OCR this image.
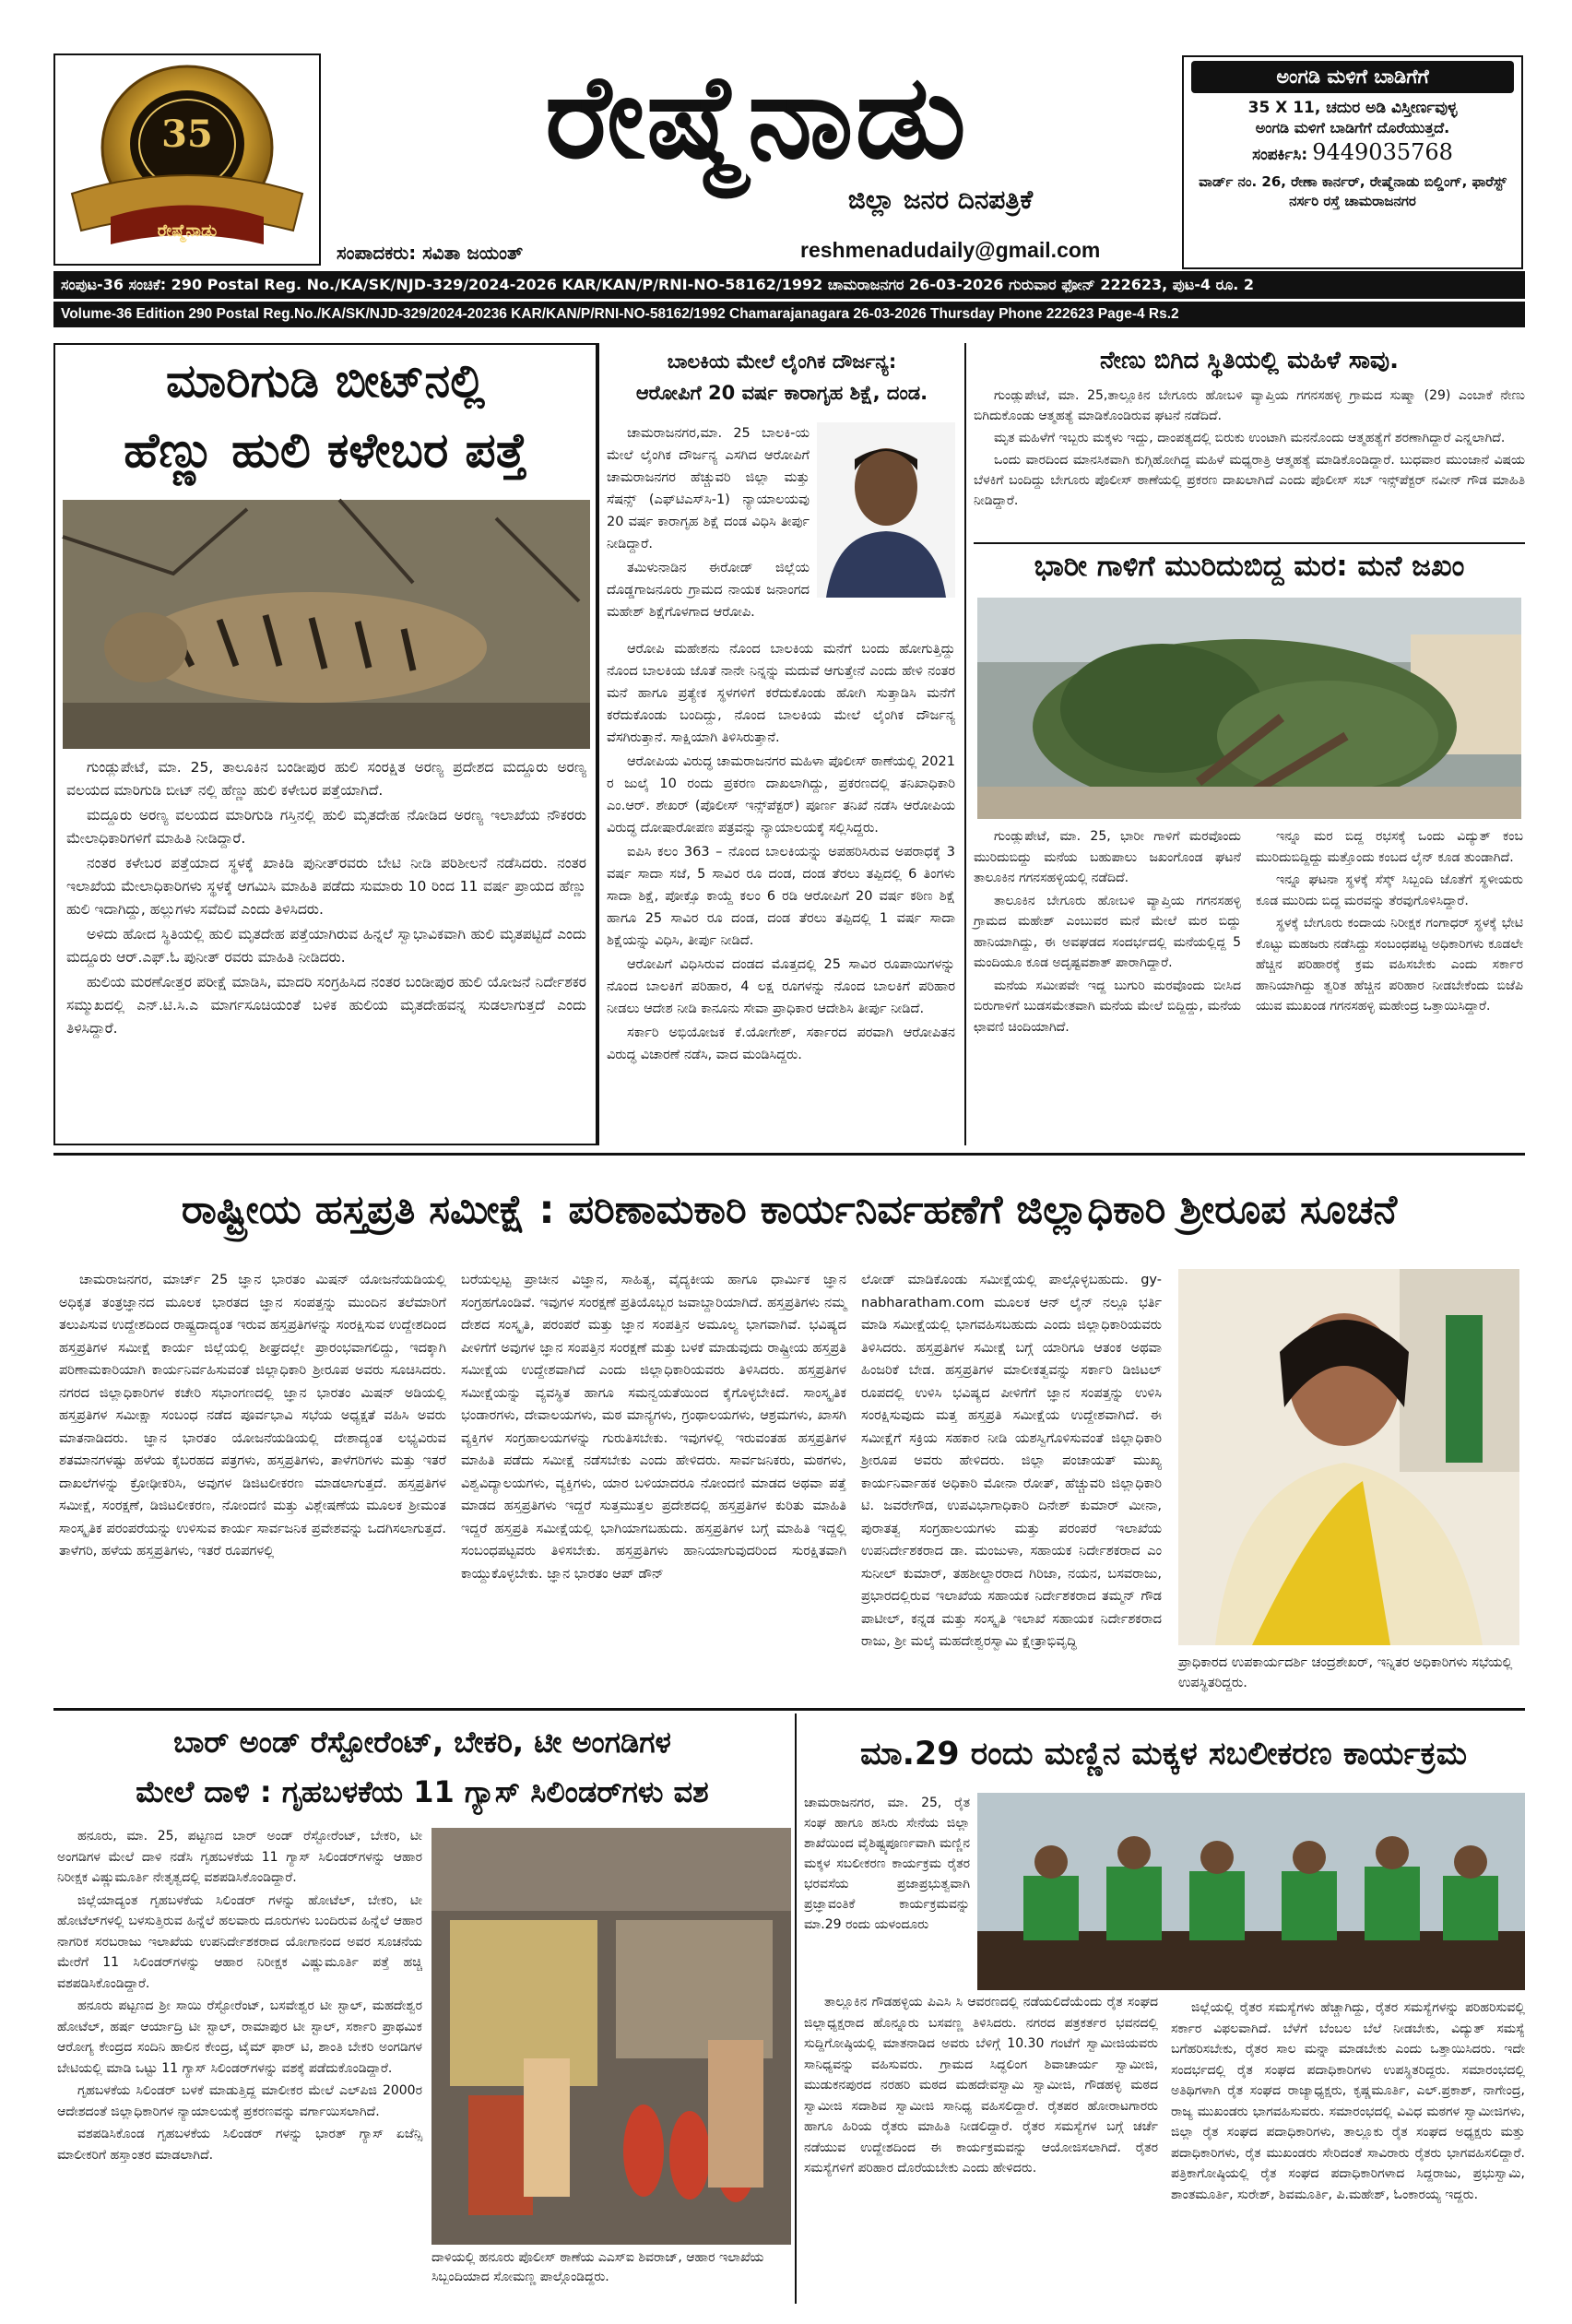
35
ರೇಷ್ಮೆನಾಡು
ರೇಷ್ಮೆನಾಡು
ಜಿಲ್ಲಾ ಜನರ ದಿನಪತ್ರಿಕೆ
ಸಂಪಾದಕರು: ಸವಿತಾ ಜಯಂತ್	reshmenadudaily@gmail.com
ಅಂಗಡಿ ಮಳಿಗೆ ಬಾಡಿಗೆಗೆ
35 X 11, ಚದುರ ಅಡಿ ವಿಸ್ತೀರ್ಣವುಳ್ಳ
ಅಂಗಡಿ ಮಳಿಗೆ ಬಾಡಿಗೆಗೆ ದೊರೆಯುತ್ತದೆ.
ಸಂಪರ್ಕಿಸಿ: 9449035768
ವಾರ್ಡ್ ನಂ. 26, ರೇಣಾ ಕಾರ್ನರ್, ರೇಷ್ಮೆನಾಡು ಬಿಲ್ಡಿಂಗ್, ಫಾರೆಸ್ಟ್ ನರ್ಸರಿ ರಸ್ತೆ ಚಾಮರಾಜನಗರ
ಸಂಪುಟ-36 ಸಂಚಿಕೆ: 290 Postal Reg. No./KA/SK/NJD-329/2024-2026 KAR/KAN/P/RNI-NO-58162/1992 ಚಾಮರಾಜನಗರ 26-03-2026 ಗುರುವಾರ ಫೋನ್ 222623, ಪುಟ-4 ರೂ. 2
Volume-36 Edition 290 Postal Reg.No./KA/SK/NJD-329/2024-20236 KAR/KAN/P/RNI-NO-58162/1992 Chamarajanagara 26-03-2026 Thursday Phone 222623 Page-4 Rs.2
ಮಾರಿಗುಡಿ ಬೀಟ್‌ನಲ್ಲಿ
ಹೆಣ್ಣು ಹುಲಿ ಕಳೇಬರ ಪತ್ತೆ

ಗುಂಡ್ಲುಪೇಟೆ, ಮಾ. 25, ತಾಲೂಕಿನ ಬಂಡೀಪುರ ಹುಲಿ ಸಂರಕ್ಷಿತ ಅರಣ್ಯ ಪ್ರದೇಶದ ಮದ್ದೂರು ಅರಣ್ಯ ವಲಯದ ಮಾರಿಗುಡಿ ಬೀಟ್ ನಲ್ಲಿ ಹೆಣ್ಣು ಹುಲಿ ಕಳೇಬರ ಪತ್ತೆಯಾಗಿದೆ.

ಮದ್ದೂರು ಅರಣ್ಯ ವಲಯದ ಮಾರಿಗುಡಿ ಗಸ್ತಿನಲ್ಲಿ ಹುಲಿ ಮೃತದೇಹ ನೋಡಿದ ಅರಣ್ಯ ಇಲಾಖೆಯ ನೌಕರರು ಮೇಲಾಧಿಕಾರಿಗಳಿಗೆ ಮಾಹಿತಿ ನೀಡಿದ್ದಾರೆ.

ನಂತರ ಕಳೇಬರ ಪತ್ತೆಯಾದ ಸ್ಥಳಕ್ಕೆ ಖಾಕಿಡಿ ಪುನೀತ್‌ರವರು ಬೇಟಿ ನೀಡಿ ಪರಿಶೀಲನೆ ನಡೆಸಿದರು. ನಂತರ ಇಲಾಖೆಯ ಮೇಲಾಧಿಕಾರಿಗಳು ಸ್ಥಳಕ್ಕೆ ಆಗಮಿಸಿ ಮಾಹಿತಿ ಪಡೆದು ಸುಮಾರು 10 ರಿಂದ 11 ವರ್ಷ ಪ್ರಾಯದ ಹೆಣ್ಣು ಹುಲಿ ಇದಾಗಿದ್ದು, ಹಲ್ಲುಗಳು ಸವೆದಿವೆ ಎಂದು ತಿಳಿಸಿದರು.

ಅಳಿದು ಹೋದ ಸ್ಥಿತಿಯಲ್ಲಿ ಹುಲಿ ಮೃತದೇಹ ಪತ್ತೆಯಾಗಿರುವ ಹಿನ್ನಲೆ ಸ್ವಾಭಾವಿಕವಾಗಿ ಹುಲಿ ಮೃತಪಟ್ಟಿದೆ ಎಂದು ಮದ್ದೂರು ಆರ್.ಎಫ್.ಓ ಪುನೀತ್ ರವರು ಮಾಹಿತಿ ನೀಡಿದರು.

ಹುಲಿಯ ಮರಣೋತ್ತರ ಪರೀಕ್ಷೆ ಮಾಡಿಸಿ, ಮಾದರಿ ಸಂಗ್ರಹಿಸಿದ ನಂತರ ಬಂಡೀಪುರ ಹುಲಿ ಯೋಜನೆ ನಿರ್ದೇಶಕರ ಸಮ್ಮುಖದಲ್ಲಿ ಎನ್.ಟಿ.ಸಿ.ಎ ಮಾರ್ಗಸೂಚಿಯಂತೆ ಬಳಿಕ ಹುಲಿಯ ಮೃತದೇಹವನ್ನ ಸುಡಲಾಗುತ್ತದೆ ಎಂದು ತಿಳಿಸಿದ್ದಾರೆ.

ಬಾಲಕಿಯ ಮೇಲೆ ಲೈಂಗಿಕ ದೌರ್ಜನ್ಯ:
ಆರೋಪಿಗೆ 20 ವರ್ಷ ಕಾರಾಗೃಹ ಶಿಕ್ಷೆ, ದಂಡ.

ಚಾಮರಾಜನಗರ,ಮಾ. 25 ಬಾಲಕಿ-ಯ ಮೇಲೆ ಲೈಂಗಿಕ ದೌರ್ಜನ್ಯ ಎಸಗಿದ ಆರೋಪಿಗೆ ಚಾಮರಾಜನಗರ ಹೆಚ್ಚುವರಿ ಜಿಲ್ಲಾ ಮತ್ತು ಸೆಷನ್ಸ್ (ಎಫ್‌ಟಿಎಸ್‌ಸಿ-1) ನ್ಯಾಯಾಲಯವು 20 ವರ್ಷ ಕಾರಾಗೃಹ ಶಿಕ್ಷೆ ದಂಡ ವಿಧಿಸಿ ತೀರ್ಪು ನೀಡಿದ್ದಾರೆ.

ತಮಿಳುನಾಡಿನ ಈರೋಡ್ ಜಿಲ್ಲೆಯ ದೊಡ್ಡಗಾಜನೂರು ಗ್ರಾಮದ ನಾಯಕ ಜನಾಂಗದ ಮಹೇಶ್ ಶಿಕ್ಷೆಗೊಳಗಾದ ಆರೋಪಿ.

ಆರೋಪಿ ಮಹೇಶನು ನೊಂದ ಬಾಲಕಿಯ ಮನೆಗೆ ಬಂದು ಹೋಗುತ್ತಿದ್ದು ನೊಂದ ಬಾಲಕಿಯ ಜೊತೆ ನಾನೇ ನಿನ್ನನ್ನು ಮದುವೆ ಆಗುತ್ತೇನೆ ಎಂದು ಹೇಳಿ ನಂತರ ಮನೆ ಹಾಗೂ ಪ್ರತ್ಯೇಕ ಸ್ಥಳಗಳಿಗೆ ಕರೆದುಕೊಂಡು ಹೋಗಿ ಸುತ್ತಾಡಿಸಿ ಮನೆಗೆ ಕರೆದುಕೊಂಡು ಬಂದಿದ್ದು, ನೊಂದ ಬಾಲಕಿಯ ಮೇಲೆ ಲೈಂಗಿಕ ದೌರ್ಜನ್ಯ ವೆಸಗಿರುತ್ತಾನೆ. ಸಾಕ್ಷಿಯಾಗಿ ತಿಳಿಸಿರುತ್ತಾನೆ.

ಆರೋಪಿಯ ವಿರುದ್ಧ ಚಾಮರಾಜನಗರ ಮಹಿಳಾ ಪೊಲೀಸ್ ಠಾಣೆಯಲ್ಲಿ 2021 ರ ಜುಲೈ 10 ರಂದು ಪ್ರಕರಣ ದಾಖಲಾಗಿದ್ದು, ಪ್ರಕರಣದಲ್ಲಿ ತನಿಖಾಧಿಕಾರಿ ಎಂ.ಆರ್. ಶೇಖರ್ (ಪೊಲೀಸ್ ಇನ್ಸ್‌ಪೆಕ್ಟರ್) ಪೂರ್ಣ ತನಿಖೆ ನಡೆಸಿ ಆರೋಪಿಯ ವಿರುದ್ಧ ದೋಷಾರೋಪಣ ಪತ್ರವನ್ನು ನ್ಯಾಯಾಲಯಕ್ಕೆ ಸಲ್ಲಿಸಿದ್ದರು.

ಐಪಿಸಿ ಕಲಂ 363 – ನೊಂದ ಬಾಲಕಿಯನ್ನು ಅಪಹರಿಸಿರುವ ಅಪರಾಧಕ್ಕೆ 3 ವರ್ಷ ಸಾದಾ ಸಜೆ, 5 ಸಾವಿರ ರೂ ದಂಡ, ದಂಡ ತೆರಲು ತಪ್ಪಿದಲ್ಲಿ 6 ತಿಂಗಳು ಸಾದಾ ಶಿಕ್ಷೆ, ಪೋಕ್ಸೊ ಕಾಯ್ದೆ ಕಲಂ 6 ರಡಿ ಆರೋಪಿಗೆ 20 ವರ್ಷ ಕಠಿಣ ಶಿಕ್ಷೆ ಹಾಗೂ 25 ಸಾವಿರ ರೂ ದಂಡ, ದಂಡ ತೆರಲು ತಪ್ಪಿದಲ್ಲಿ 1 ವರ್ಷ ಸಾದಾ ಶಿಕ್ಷೆಯನ್ನು ವಿಧಿಸಿ, ತೀರ್ಪು ನೀಡಿದೆ.

ಆರೋಪಿಗೆ ವಿಧಿಸಿರುವ ದಂಡದ ಮೊತ್ತದಲ್ಲಿ 25 ಸಾವಿರ ರೂಪಾಯಿಗಳನ್ನು ನೊಂದ ಬಾಲಕಿಗೆ ಪರಿಹಾರ, 4 ಲಕ್ಷ ರೂಗಳನ್ನು ನೊಂದ ಬಾಲಕಿಗೆ ಪರಿಹಾರ ನೀಡಲು ಆದೇಶ ನೀಡಿ ಕಾನೂನು ಸೇವಾ ಪ್ರಾಧಿಕಾರ ಆದೇಶಿಸಿ ತೀರ್ಪು ನೀಡಿದೆ.

ಸರ್ಕಾರಿ ಅಭಿಯೋಜಕ ಕೆ.ಯೋಗೇಶ್, ಸರ್ಕಾರದ ಪರವಾಗಿ ಆರೋಪಿತನ ವಿರುದ್ಧ ವಿಚಾರಣೆ ನಡೆಸಿ, ವಾದ ಮಂಡಿಸಿದ್ದರು.

ನೇಣು ಬಿಗಿದ ಸ್ಥಿತಿಯಲ್ಲಿ ಮಹಿಳೆ ಸಾವು.

ಗುಂಡ್ಲುಪೇಟೆ, ಮಾ. 25,ತಾಲ್ಲೂಕಿನ ಬೇಗೂರು ಹೋಬಳಿ ವ್ಯಾಪ್ತಿಯ ಗಗನಸಹಳ್ಳಿ ಗ್ರಾಮದ ಸುಷ್ಮಾ (29) ಎಂಬಾಕೆ ನೇಣು ಬಿಗಿದುಕೊಂಡು ಆತ್ಮಹತ್ಯೆ ಮಾಡಿಕೊಂಡಿರುವ ಘಟನೆ ನಡೆದಿದೆ.

ಮೃತ ಮಹಿಳೆಗೆ ಇಬ್ಬರು ಮಕ್ಕಳು ಇದ್ದು, ದಾಂಪತ್ಯದಲ್ಲಿ ಬಿರುಕು ಉಂಟಾಗಿ ಮನನೊಂದು ಆತ್ಮಹತ್ಯೆಗೆ ಶರಣಾಗಿದ್ದಾರೆ ಎನ್ನಲಾಗಿದೆ.

ಒಂದು ವಾರದಿಂದ ಮಾನಸಿಕವಾಗಿ ಕುಗ್ಗಿಹೋಗಿದ್ದ ಮಹಿಳೆ ಮಧ್ಯರಾತ್ರಿ ಆತ್ಮಹತ್ಯೆ ಮಾಡಿಕೊಂಡಿದ್ದಾರೆ. ಬುಧವಾರ ಮುಂಜಾನೆ ವಿಷಯ ಬೆಳಕಿಗೆ ಬಂದಿದ್ದು ಬೇಗೂರು ಪೊಲೀಸ್ ಠಾಣೆಯಲ್ಲಿ ಪ್ರಕರಣ ದಾಖಲಾಗಿದೆ ಎಂದು ಪೊಲೀಸ್ ಸಬ್ ಇನ್ಸ್‌ಪೆಕ್ಟರ್ ನವೀನ್ ಗೌಡ ಮಾಹಿತಿ ನೀಡಿದ್ದಾರೆ.

ಭಾರೀ ಗಾಳಿಗೆ ಮುರಿದುಬಿದ್ದ ಮರ: ಮನೆ ಜಖಂ

ಗುಂಡ್ಲುಪೇಟೆ, ಮಾ. 25, ಭಾರೀ ಗಾಳಿಗೆ ಮರವೊಂದು ಮುರಿದುಬಿದ್ದು ಮನೆಯ ಬಹುಪಾಲು ಜಖಂಗೊಂಡ ಘಟನೆ ತಾಲೂಕಿನ ಗಗನಸಹಳ್ಳಿಯಲ್ಲಿ ನಡೆದಿದೆ.

ತಾಲೂಕಿನ ಬೇಗೂರು ಹೋಬಳಿ ವ್ಯಾಪ್ತಿಯ ಗಗನಸಹಳ್ಳಿ ಗ್ರಾಮದ ಮಹೇಶ್ ಎಂಬುವರ ಮನೆ ಮೇಲೆ ಮರ ಬಿದ್ದು ಹಾನಿಯಾಗಿದ್ದು, ಈ ಅವಘಡದ ಸಂದರ್ಭದಲ್ಲಿ ಮನೆಯಲ್ಲಿದ್ದ 5 ಮಂದಿಯೂ ಕೂಡ ಅದೃಷ್ಟವಶಾತ್ ಪಾರಾಗಿದ್ದಾರೆ.

ಮನೆಯ ಸಮೀಪವೇ ಇದ್ದ ಬುಗುರಿ ಮರವೊಂದು ಬೀಸಿದ ಬಿರುಗಾಳಿಗೆ ಬುಡಸಮೇತವಾಗಿ ಮನೆಯ ಮೇಲೆ ಬಿದ್ದಿದ್ದು, ಮನೆಯ ಛಾವಣಿ ಚಿಂದಿಯಾಗಿದೆ.

ಇನ್ನೂ ಮರ ಬಿದ್ದ ರಭಸಕ್ಕೆ ಒಂದು ವಿದ್ಯುತ್ ಕಂಬ ಮುರಿದುಬಿದ್ದಿದ್ದು ಮತ್ತೊಂದು ಕಂಬದ ಲೈನ್ ಕೂಡ ತುಂಡಾಗಿದೆ.

ಇನ್ನೂ ಘಟನಾ ಸ್ಥಳಕ್ಕೆ ಸೆಸ್ಕ್ ಸಿಬ್ಬಂದಿ ಜೊತೆಗೆ ಸ್ಥಳೀಯರು ಕೂಡ ಮುರಿದು ಬಿದ್ದ ಮರವನ್ನು ತೆರವುಗೊಳಿಸಿದ್ದಾರೆ.

ಸ್ಥಳಕ್ಕೆ ಬೇಗೂರು ಕಂದಾಯ ನಿರೀಕ್ಷಕ ಗಂಗಾಧರ್ ಸ್ಥಳಕ್ಕೆ ಭೇಟಿ ಕೊಟ್ಟು ಮಹಜರು ನಡೆಸಿದ್ದು ಸಂಬಂಧಪಟ್ಟ ಅಧಿಕಾರಿಗಳು ಕೂಡಲೇ ಹೆಚ್ಚಿನ ಪರಿಹಾರಕ್ಕೆ ಕ್ರಮ ವಹಿಸಬೇಕು ಎಂದು ಸರ್ಕಾರ ಹಾನಿಯಾಗಿದ್ದು ತ್ವರಿತ ಹೆಚ್ಚಿನ ಪರಿಹಾರ ನೀಡಬೇಕೆಂದು ಬಿಜೆಪಿ ಯುವ ಮುಖಂಡ ಗಗನಸಹಳ್ಳಿ ಮಹೇಂದ್ರ ಒತ್ತಾಯಿಸಿದ್ದಾರೆ.

ರಾಷ್ಟ್ರೀಯ ಹಸ್ತಪ್ರತಿ ಸಮೀಕ್ಷೆ : ಪರಿಣಾಮಕಾರಿ ಕಾರ್ಯನಿರ್ವಹಣೆಗೆ ಜಿಲ್ಲಾಧಿಕಾರಿ ಶ್ರೀರೂಪ ಸೂಚನೆ

ಚಾಮರಾಜನಗರ, ಮಾರ್ಚ್ 25 ಜ್ಞಾನ ಭಾರತಂ ಮಿಷನ್ ಯೋಜನೆಯಡಿಯಲ್ಲಿ ಅಧಿಕೃತ ತಂತ್ರಜ್ಞಾನದ ಮೂಲಕ ಭಾರತದ ಜ್ಞಾನ ಸಂಪತ್ತನ್ನು ಮುಂದಿನ ತಲೆಮಾರಿಗೆ ತಲುಪಿಸುವ ಉದ್ದೇಶದಿಂದ ರಾಷ್ಟ್ರದಾದ್ಯಂತ ಇರುವ ಹಸ್ತಪ್ರತಿಗಳನ್ನು ಸಂರಕ್ಷಿಸುವ ಉದ್ದೇಶದಿಂದ ಹಸ್ತಪ್ರತಿಗಳ ಸಮೀಕ್ಷೆ ಕಾರ್ಯ ಜಿಲ್ಲೆಯಲ್ಲಿ ಶೀಘ್ರದಲ್ಲೇ ಪ್ರಾರಂಭವಾಗಲಿದ್ದು, ಇದಕ್ಕಾಗಿ ಪರಿಣಾಮಕಾರಿಯಾಗಿ ಕಾರ್ಯನಿರ್ವಹಿಸುವಂತೆ ಜಿಲ್ಲಾಧಿಕಾರಿ ಶ್ರೀರೂಪ ಅವರು ಸೂಚಿಸಿದರು. ನಗರದ ಜಿಲ್ಲಾಧಿಕಾರಿಗಳ ಕಚೇರಿ ಸಭಾಂಗಣದಲ್ಲಿ ಜ್ಞಾನ ಭಾರತಂ ಮಿಷನ್ ಅಡಿಯಲ್ಲಿ ಹಸ್ತಪ್ರತಿಗಳ ಸಮೀಕ್ಷಾ ಸಂಬಂಧ ನಡೆದ ಪೂರ್ವಭಾವಿ ಸಭೆಯ ಅಧ್ಯಕ್ಷತೆ ವಹಿಸಿ ಅವರು ಮಾತನಾಡಿದರು. ಜ್ಞಾನ ಭಾರತಂ ಯೋಜನೆಯಡಿಯಲ್ಲಿ ದೇಶಾದ್ಯಂತ ಲಭ್ಯವಿರುವ ಶತಮಾನಗಳಷ್ಟು ಹಳೆಯ ಕೈಬರಹದ ಪತ್ರಗಳು, ಹಸ್ತಪ್ರತಿಗಳು, ತಾಳೆಗರಿಗಳು ಮತ್ತು ಇತರೆ ದಾಖಲೆಗಳನ್ನು ಕ್ರೋಢೀಕರಿಸಿ, ಅವುಗಳ ಡಿಜಿಟಲೀಕರಣ ಮಾಡಲಾಗುತ್ತದೆ. ಹಸ್ತಪ್ರತಿಗಳ ಸಮೀಕ್ಷೆ, ಸಂರಕ್ಷಣೆ, ಡಿಜಿಟಲೀಕರಣ, ನೋಂದಣಿ ಮತ್ತು ವಿಶ್ಲೇಷಣೆಯ ಮೂಲಕ ಶ್ರೀಮಂತ ಸಾಂಸ್ಕೃತಿಕ ಪರಂಪರೆಯನ್ನು ಉಳಿಸುವ ಕಾರ್ಯ ಸಾರ್ವಜನಿಕ ಪ್ರವೇಶವನ್ನು ಒದಗಿಸಲಾಗುತ್ತದೆ. ತಾಳೆಗರಿ, ಹಳೆಯ ಹಸ್ತಪ್ರತಿಗಳು, ಇತರೆ ರೂಪಗಳಲ್ಲಿ

ಬರೆಯಲ್ಪಟ್ಟ ಪ್ರಾಚೀನ ವಿಜ್ಞಾನ, ಸಾಹಿತ್ಯ, ವೈದ್ಯಕೀಯ ಹಾಗೂ ಧಾರ್ಮಿಕ ಜ್ಞಾನ ಸಂಗ್ರಹಗೊಂಡಿವೆ. ಇವುಗಳ ಸಂರಕ್ಷಣೆ ಪ್ರತಿಯೊಬ್ಬರ ಜವಾಬ್ದಾರಿಯಾಗಿದೆ. ಹಸ್ತಪ್ರತಿಗಳು ನಮ್ಮ ದೇಶದ ಸಂಸ್ಕೃತಿ, ಪರಂಪರೆ ಮತ್ತು ಜ್ಞಾನ ಸಂಪತ್ತಿನ ಅಮೂಲ್ಯ ಭಾಗವಾಗಿವೆ. ಭವಿಷ್ಯದ ಪೀಳಿಗೆಗೆ ಅವುಗಳ ಜ್ಞಾನ ಸಂಪತ್ತಿನ ಸಂರಕ್ಷಣೆ ಮತ್ತು ಬಳಕೆ ಮಾಡುವುದು ರಾಷ್ಟ್ರೀಯ ಹಸ್ತಪ್ರತಿ ಸಮೀಕ್ಷೆಯ ಉದ್ದೇಶವಾಗಿದೆ ಎಂದು ಜಿಲ್ಲಾಧಿಕಾರಿಯವರು ತಿಳಿಸಿದರು. ಹಸ್ತಪ್ರತಿಗಳ ಸಮೀಕ್ಷೆಯನ್ನು ವ್ಯವಸ್ಥಿತ ಹಾಗೂ ಸಮನ್ವಯತೆಯಿಂದ ಕೈಗೊಳ್ಳಬೇಕಿದೆ. ಸಾಂಸ್ಕೃತಿಕ ಭಂಡಾರಗಳು, ದೇವಾಲಯಗಳು, ಮಠ ಮಾನ್ಯಗಳು, ಗ್ರಂಥಾಲಯಗಳು, ಆಶ್ರಮಗಳು, ಖಾಸಗಿ ವ್ಯಕ್ತಿಗಳ ಸಂಗ್ರಹಾಲಯಗಳನ್ನು ಗುರುತಿಸಬೇಕು. ಇವುಗಳಲ್ಲಿ ಇರುವಂತಹ ಹಸ್ತಪ್ರತಿಗಳ ಮಾಹಿತಿ ಪಡೆದು ಸಮೀಕ್ಷೆ ನಡೆಸಬೇಕು ಎಂದು ಹೇಳಿದರು. ಸಾರ್ವಜನಿಕರು, ಮಠಗಳು, ವಿಶ್ವವಿದ್ಯಾಲಯಗಳು, ವ್ಯಕ್ತಿಗಳು, ಯಾರ ಬಳಿಯಾದರೂ ನೋಂದಣಿ ಮಾಡದ ಅಥವಾ ಪತ್ತೆ ಮಾಡದ ಹಸ್ತಪ್ರತಿಗಳು ಇದ್ದರೆ ಸುತ್ತಮುತ್ತಲ ಪ್ರದೇಶದಲ್ಲಿ ಹಸ್ತಪ್ರತಿಗಳ ಕುರಿತು ಮಾಹಿತಿ ಇದ್ದರೆ ಹಸ್ತಪ್ರತಿ ಸಮೀಕ್ಷೆಯಲ್ಲಿ ಭಾಗಿಯಾಗಬಹುದು. ಹಸ್ತಪ್ರತಿಗಳ ಬಗ್ಗೆ ಮಾಹಿತಿ ಇದ್ದಲ್ಲಿ ಸಂಬಂಧಪಟ್ಟವರು ತಿಳಿಸಬೇಕು. ಹಸ್ತಪ್ರತಿಗಳು ಹಾನಿಯಾಗುವುದರಿಂದ ಸುರಕ್ಷಿತವಾಗಿ ಕಾಯ್ದುಕೊಳ್ಳಬೇಕು. ಜ್ಞಾನ ಭಾರತಂ ಆಪ್ ಡೌನ್

ಲೋಡ್ ಮಾಡಿಕೊಂಡು ಸಮೀಕ್ಷೆಯಲ್ಲಿ ಪಾಲ್ಗೊಳ್ಳಬಹುದು. gy-nabharatham.com ಮೂಲಕ ಆನ್ ಲೈನ್ ನಲ್ಲೂ ಭರ್ತಿ ಮಾಡಿ ಸಮೀಕ್ಷೆಯಲ್ಲಿ ಭಾಗವಹಿಸಬಹುದು ಎಂದು ಜಿಲ್ಲಾಧಿಕಾರಿಯವರು ತಿಳಿಸಿದರು. ಹಸ್ತಪ್ರತಿಗಳ ಸಮೀಕ್ಷೆ ಬಗ್ಗೆ ಯಾರಿಗೂ ಆತಂಕ ಅಥವಾ ಹಿಂಜರಿಕೆ ಬೇಡ. ಹಸ್ತಪ್ರತಿಗಳ ಮಾಲೀಕತ್ವವನ್ನು ಸರ್ಕಾರಿ ಡಿಜಿಟಲ್ ರೂಪದಲ್ಲಿ ಉಳಿಸಿ ಭವಿಷ್ಯದ ಪೀಳಿಗೆಗೆ ಜ್ಞಾನ ಸಂಪತ್ತನ್ನು ಉಳಿಸಿ ಸಂರಕ್ಷಿಸುವುದು ಮತ್ತ ಹಸ್ತಪ್ರತಿ ಸಮೀಕ್ಷೆಯ ಉದ್ದೇಶವಾಗಿದೆ. ಈ ಸಮೀಕ್ಷೆಗೆ ಸಕ್ರಿಯ ಸಹಕಾರ ನೀಡಿ ಯಶಸ್ವಿಗೊಳಿಸುವಂತೆ ಜಿಲ್ಲಾಧಿಕಾರಿ ಶ್ರೀರೂಪ ಅವರು ಹೇಳಿದರು. ಜಿಲ್ಲಾ ಪಂಚಾಯತ್ ಮುಖ್ಯ ಕಾರ್ಯನಿರ್ವಾಹಕ ಅಧಿಕಾರಿ ಮೋನಾ ರೋತ್, ಹೆಚ್ಚುವರಿ ಜಿಲ್ಲಾಧಿಕಾರಿ ಟಿ. ಜವರೇಗೌಡ, ಉಪವಿಭಾಗಾಧಿಕಾರಿ ದಿನೇಶ್ ಕುಮಾರ್ ಮೀನಾ, ಪುರಾತತ್ವ ಸಂಗ್ರಹಾಲಯಗಳು ಮತ್ತು ಪರಂಪರೆ ಇಲಾಖೆಯ ಉಪನಿರ್ದೇಶಕರಾದ ಡಾ. ಮಂಜುಳಾ, ಸಹಾಯಕ ನಿರ್ದೇಶಕರಾದ ಎಂ ಸುನೀಲ್ ಕುಮಾರ್, ತಹಶೀಲ್ದಾರರಾದ ಗಿರಿಜಾ, ನಯನ, ಬಸವರಾಜು, ಪ್ರಭಾರದಲ್ಲಿರುವ ಇಲಾಖೆಯ ಸಹಾಯಕ ನಿರ್ದೇಶಕರಾದ ತಮ್ಮನ್ ಗೌಡ ಪಾಟೀಲ್, ಕನ್ನಡ ಮತ್ತು ಸಂಸ್ಕೃತಿ ಇಲಾಖೆ ಸಹಾಯಕ ನಿರ್ದೇಶಕರಾದ ರಾಜು, ಶ್ರೀ ಮಲೈ ಮಹದೇಶ್ವರಸ್ವಾಮಿ ಕ್ಷೇತ್ರಾಭಿವೃದ್ಧಿ

ಪ್ರಾಧಿಕಾರದ ಉಪಕಾರ್ಯದರ್ಶಿ ಚಂದ್ರಶೇಖರ್, ಇನ್ನಿತರ ಅಧಿಕಾರಿಗಳು ಸಭೆಯಲ್ಲಿ ಉಪಸ್ಥಿತರಿದ್ದರು.
ಬಾರ್ ಅಂಡ್ ರೆಸ್ಟೋರೆಂಟ್, ಬೇಕರಿ, ಟೀ ಅಂಗಡಿಗಳ
ಮೇಲೆ ದಾಳಿ : ಗೃಹಬಳಕೆಯ 11 ಗ್ಯಾಸ್ ಸಿಲಿಂಡರ್‌ಗಳು ವಶ

ಹನೂರು, ಮಾ. 25, ಪಟ್ಟಣದ ಬಾರ್ ಅಂಡ್ ರೆಸ್ಟೋರೆಂಟ್, ಬೇಕರಿ, ಟೀ ಅಂಗಡಿಗಳ ಮೇಲೆ ದಾಳಿ ನಡೆಸಿ ಗೃಹಬಳಕೆಯ 11 ಗ್ಯಾಸ್ ಸಿಲಿಂಡರ್‌ಗಳನ್ನು ಆಹಾರ ನಿರೀಕ್ಷಕ ವಿಷ್ಣುಮೂರ್ತಿ ನೇತೃತ್ವದಲ್ಲಿ ವಶಪಡಿಸಿಕೊಂಡಿದ್ದಾರೆ.

ಜಿಲ್ಲೆಯಾದ್ಯಂತ ಗೃಹಬಳಕೆಯ ಸಿಲಿಂಡರ್ ಗಳನ್ನು ಹೋಟೆಲ್, ಬೇಕರಿ, ಟೀ ಹೋಟೆಲ್‌ಗಳಲ್ಲಿ ಬಳಸುತ್ತಿರುವ ಹಿನ್ನೆಲೆ ಹಲವಾರು ದೂರುಗಳು ಬಂದಿರುವ ಹಿನ್ನೆಲೆ ಆಹಾರ ನಾಗರಿಕ ಸರಬರಾಜು ಇಲಾಖೆಯ ಉಪನಿರ್ದೇಶಕರಾದ ಯೋಗಾನಂದ ಅವರ ಸೂಚನೆಯ ಮೇರೆಗೆ 11 ಸಿಲಿಂಡರ್‌ಗಳನ್ನು ಆಹಾರ ನಿರೀಕ್ಷಕ ವಿಷ್ಣುಮೂರ್ತಿ ಪತ್ತೆ ಹಚ್ಚಿ ವಶಪಡಿಸಿಕೊಂಡಿದ್ದಾರೆ.

ಹನೂರು ಪಟ್ಟಣದ ಶ್ರೀ ಸಾಯಿ ರೆಸ್ಟೋರೆಂಟ್, ಬಸವೇಶ್ವರ ಟೀ ಸ್ಟಾಲ್, ಮಹದೇಶ್ವರ ಹೋಟೆಲ್, ಹರ್ಷ ಆರ್ಯಾದ್ರಿ ಟೀ ಸ್ಟಾಲ್, ರಾಮಾಪುರ ಟೀ ಸ್ಟಾಲ್, ಸರ್ಕಾರಿ ಪ್ರಾಥಮಿಕ ಆರೋಗ್ಯ ಕೇಂದ್ರದ ಸಂದಿನಿ ಹಾಲಿನ ಕೇಂದ್ರ, ಟೈಮ್ ಫಾರ್ ಟಿ, ಶಾಂತಿ ಬೇಕರಿ ಅಂಗಡಿಗಳ ಬೇಟಿಯಲ್ಲಿ ಮಾಡಿ ಒಟ್ಟು 11 ಗ್ಯಾಸ್ ಸಿಲಿಂಡರ್‌ಗಳನ್ನು ವಶಕ್ಕೆ ಪಡೆದುಕೊಂಡಿದ್ದಾರೆ.

ಗೃಹಬಳಕೆಯ ಸಿಲಿಂಡರ್ ಬಳಕೆ ಮಾಡುತ್ತಿದ್ದ ಮಾಲೀಕರ ಮೇಲೆ ಎಲ್‌ಪಿಜಿ 2000ರ ಆದೇಶದಂತೆ ಜಿಲ್ಲಾಧಿಕಾರಿಗಳ ನ್ಯಾಯಾಲಯಕ್ಕೆ ಪ್ರಕರಣವನ್ನು ವರ್ಗಾಯಿಸಲಾಗಿದೆ.

ವಶಪಡಿಸಿಕೊಂಡ ಗೃಹಬಳಕೆಯ ಸಿಲಿಂಡರ್ ಗಳನ್ನು ಭಾರತ್ ಗ್ಯಾಸ್ ಏಜೆನ್ಸಿ ಮಾಲೀಕರಿಗೆ ಹಸ್ತಾಂತರ ಮಾಡಲಾಗಿದೆ.

ದಾಳಿಯಲ್ಲಿ ಹನೂರು ಪೊಲೀಸ್ ಠಾಣೆಯ ಎಎಸ್ಐ ಶಿವರಾಜ್, ಆಹಾರ ಇಲಾಖೆಯ ಸಿಬ್ಬಂದಿಯಾದ ಸೋಮಣ್ಣ ಪಾಲ್ಗೊಂಡಿದ್ದರು.
ಮಾ.29 ರಂದು ಮಣ್ಣಿನ ಮಕ್ಕಳ ಸಬಲೀಕರಣ ಕಾರ್ಯಕ್ರಮ

ಚಾಮರಾಜನಗರ, ಮಾ. 25, ರೈತ ಸಂಘ ಹಾಗೂ ಹಸಿರು ಸೇನೆಯ ಜಿಲ್ಲಾ ಶಾಖೆಯಿಂದ ವೈಶಿಷ್ಟ್ಯಪೂರ್ಣವಾಗಿ ಮಣ್ಣಿನ ಮಕ್ಕಳ ಸಬಲೀಕರಣ ಕಾರ್ಯಕ್ರಮ ರೈತರ ಭರವಸೆಯ ಪ್ರಜಾಪ್ರಭುತ್ವವಾಗಿ ಪ್ರಜ್ಞಾವಂತಿಕೆ ಕಾರ್ಯಕ್ರಮವನ್ನು ಮಾ.29 ರಂದು ಯಳಂದೂರು

ತಾಲ್ಲೂಕಿನ ಗೌಡಹಳ್ಳಿಯ ಪಿಎಸಿ ಸಿ ಆವರಣದಲ್ಲಿ ನಡೆಯಲಿದೆಯೆಂದು ರೈತ ಸಂಘದ ಜಿಲ್ಲಾಧ್ಯಕ್ಷರಾದ ಹೊನ್ನೂರು ಬಸವಣ್ಣ ತಿಳಿಸಿದರು. ನಗರದ ಪತ್ರಕರ್ತರ ಭವನದಲ್ಲಿ ಸುದ್ದಿಗೋಷ್ಠಿಯಲ್ಲಿ ಮಾತನಾಡಿದ ಅವರು ಬೆಳಿಗ್ಗೆ 10.30 ಗಂಟೆಗೆ ಸ್ವಾಮೀಜಿಯವರು ಸಾನಿಧ್ಯವನ್ನು ವಹಿಸುವರು. ಗ್ರಾಮದ ಸಿದ್ಧಲಿಂಗ ಶಿವಾಚಾರ್ಯ ಸ್ವಾಮೀಜಿ, ಮುಡುಕನಪುರದ ನರಹರಿ ಮಠದ ಮಹದೇವಸ್ವಾಮಿ ಸ್ವಾಮೀಜಿ, ಗೌಡಹಳ್ಳಿ ಮಠದ ಸ್ವಾಮೀಜಿ ಸದಾಶಿವ ಸ್ವಾಮೀಜಿ ಸಾನಿಧ್ಯ ವಹಿಸಲಿದ್ದಾರೆ. ರೈತಪರ ಹೋರಾಟಗಾರರು ಹಾಗೂ ಹಿರಿಯ ರೈತರು ಮಾಹಿತಿ ನೀಡಲಿದ್ದಾರೆ. ರೈತರ ಸಮಸ್ಯೆಗಳ ಬಗ್ಗೆ ಚರ್ಚೆ ನಡೆಯುವ ಉದ್ದೇಶದಿಂದ ಈ ಕಾರ್ಯಕ್ರಮವನ್ನು ಆಯೋಜಿಸಲಾಗಿದೆ. ರೈತರ ಸಮಸ್ಯೆಗಳಿಗೆ ಪರಿಹಾರ ದೊರೆಯಬೇಕು ಎಂದು ಹೇಳಿದರು.

ಜಿಲ್ಲೆಯಲ್ಲಿ ರೈತರ ಸಮಸ್ಯೆಗಳು ಹೆಚ್ಚಾಗಿದ್ದು, ರೈತರ ಸಮಸ್ಯೆಗಳನ್ನು ಪರಿಹರಿಸುವಲ್ಲಿ ಸರ್ಕಾರ ವಿಫಲವಾಗಿದೆ. ಬೆಳೆಗೆ ಬೆಂಬಲ ಬೆಲೆ ನೀಡಬೇಕು, ವಿದ್ಯುತ್ ಸಮಸ್ಯೆ ಬಗೆಹರಿಸಬೇಕು, ರೈತರ ಸಾಲ ಮನ್ನಾ ಮಾಡಬೇಕು ಎಂದು ಒತ್ತಾಯಿಸಿದರು. ಇದೇ ಸಂದರ್ಭದಲ್ಲಿ ರೈತ ಸಂಘದ ಪದಾಧಿಕಾರಿಗಳು ಉಪಸ್ಥಿತರಿದ್ದರು. ಸಮಾರಂಭದಲ್ಲಿ ಅತಿಥಿಗಳಾಗಿ ರೈತ ಸಂಘದ ರಾಜ್ಯಾಧ್ಯಕ್ಷರು, ಕೃಷ್ಣಮೂರ್ತಿ, ಎಲ್.ಪ್ರಕಾಶ್, ನಾಗೇಂದ್ರ, ರಾಜ್ಯ ಮುಖಂಡರು ಭಾಗವಹಿಸುವರು. ಸಮಾರಂಭದಲ್ಲಿ ವಿವಿಧ ಮಠಗಳ ಸ್ವಾಮೀಜಿಗಳು, ಜಿಲ್ಲಾ ರೈತ ಸಂಘದ ಪದಾಧಿಕಾರಿಗಳು, ತಾಲ್ಲೂಕು ರೈತ ಸಂಘದ ಅಧ್ಯಕ್ಷರು ಮತ್ತು ಪದಾಧಿಕಾರಿಗಳು, ರೈತ ಮುಖಂಡರು ಸೇರಿದಂತೆ ಸಾವಿರಾರು ರೈತರು ಭಾಗವಹಿಸಲಿದ್ದಾರೆ. ಪತ್ರಿಕಾಗೋಷ್ಠಿಯಲ್ಲಿ ರೈತ ಸಂಘದ ಪದಾಧಿಕಾರಿಗಳಾದ ಸಿದ್ದರಾಜು, ಪ್ರಭುಸ್ವಾಮಿ, ಶಾಂತಮೂರ್ತಿ, ಸುರೇಶ್, ಶಿವಮೂರ್ತಿ, ಪಿ.ಮಹೇಶ್, ಓಂಕಾರಯ್ಯ ಇದ್ದರು.
